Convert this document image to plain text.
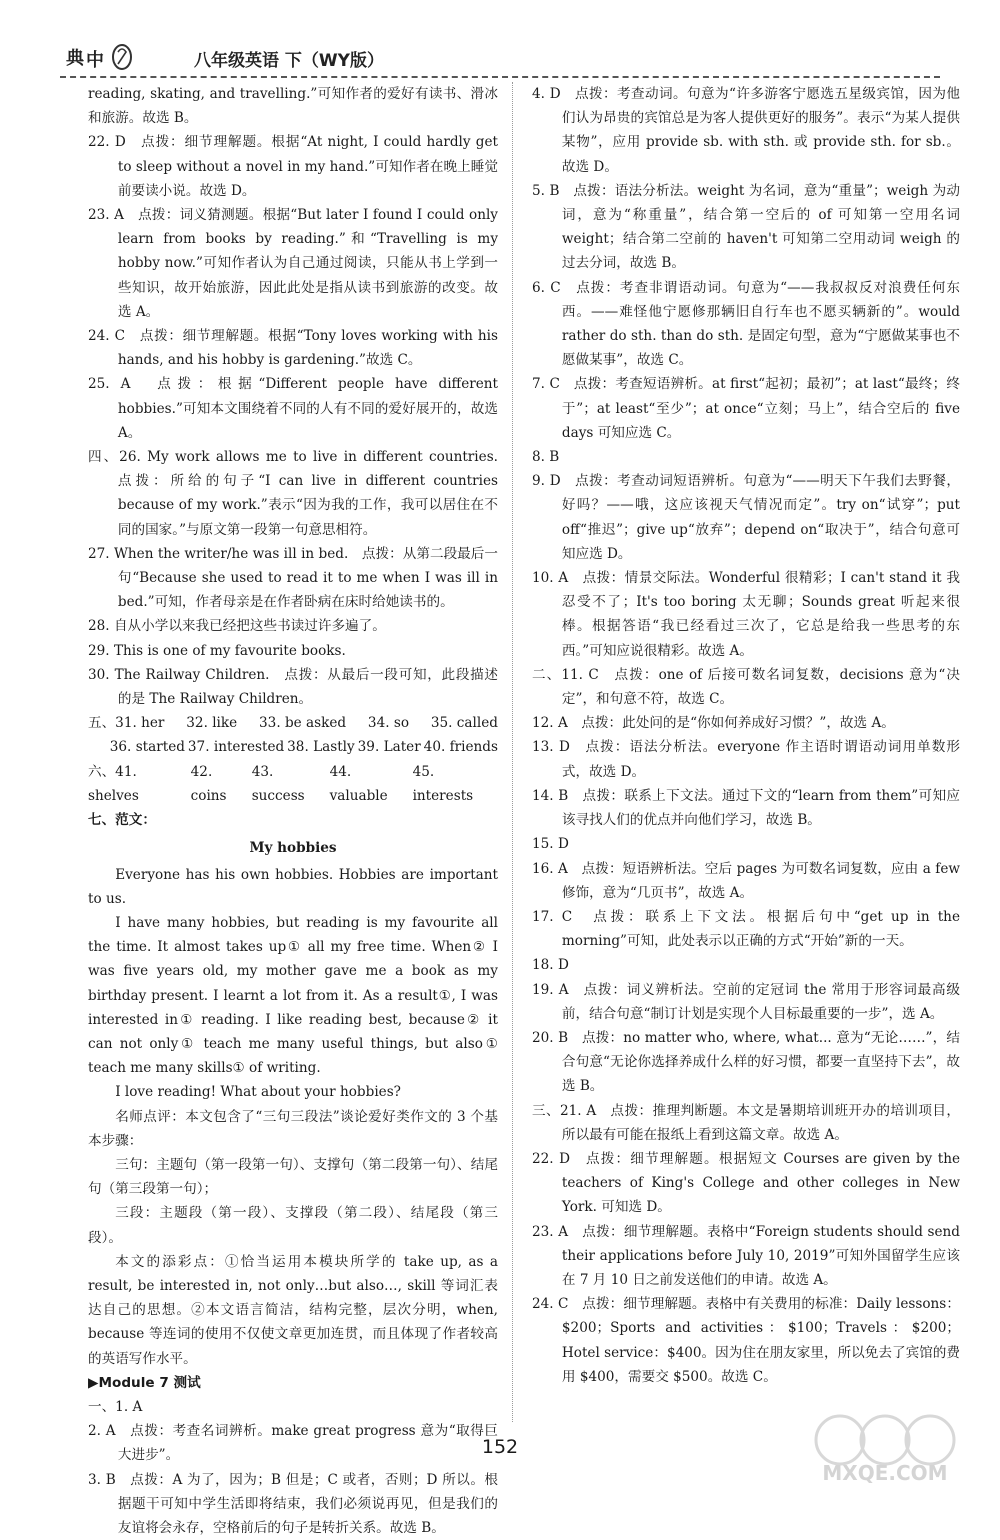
典 中	八年级英语 下（WY版）

reading, skating, and travelling.”可知作者的爱好有读书、滑冰和旅游。故选 B。

22. D　点拨：细节理解题。根据“At night, I could hardly get to sleep without a novel in my hand.”可知作者在晚上睡觉前要读小说。故选 D。

23. A　点拨：词义猜测题。根据“But later I found I could only learn from books by reading.”和“Travelling is my hobby now.”可知作者认为自己通过阅读，只能从书上学到一些知识，故开始旅游，因此此处是指从读书到旅游的改变。故选 A。

24. C　点拨：细节理解题。根据“Tony loves working with his hands, and his hobby is gardening.”故选 C。

25. A　点拨：根据“Different people have different hobbies.”可知本文围绕着不同的人有不同的爱好展开的，故选 A。

四、26. My work allows me to live in different countries.　点拨：所给的句子“I can live in different countries because of my work.”表示“因为我的工作，我可以居住在不同的国家。”与原文第一段第一句意思相符。

27. When the writer/he was ill in bed.　点拨：从第二段最后一句“Because she used to read it to me when I was ill in bed.”可知，作者母亲是在作者卧病在床时给她读书的。

28. 自从小学以来我已经把这些书读过许多遍了。

29. This is one of my favourite books.

30. The Railway Children.　点拨：从最后一段可知，此段描述的是 The Railway Children。

五、31. her 32. like 33. be asked 34. so 35. called
36. started 37. interested 38. Lastly 39. Later 40. friends
六、41. shelves
42. coins
43. success
44. valuable
45. interests

七、范文：

My hobbies

Everyone has his own hobbies. Hobbies are important to us.

I have many hobbies, but reading is my favourite all the time. It almost takes up① all my free time. When② I was five years old, my mother gave me a book as my birthday present. I learnt a lot from it. As a result①, I was interested in① reading. I like reading best, because② it can not only① teach me many useful things, but also① teach me many skills① of writing.

I love reading! What about your hobbies?

名师点评：本文包含了“三句三段法”谈论爱好类作文的 3 个基本步骤：

三句：主题句（第一段第一句）、支撑句（第二段第一句）、结尾句（第三段第一句）；

三段：主题段（第一段）、支撑段（第二段）、结尾段（第三段）。

本文的添彩点：①恰当运用本模块所学的 take up, as a result, be interested in, not only…but also…, skill 等词汇表达自己的思想。②本文语言简洁，结构完整，层次分明，when, because 等连词的使用不仅使文章更加连贯，而且体现了作者较高的英语写作水平。

▶Module 7 测试

一、1. A

2. A　点拨：考查名词辨析。make great progress 意为“取得巨大进步”。

3. B　点拨：A 为了，因为；B 但是；C 或者，否则；D 所以。根据题干可知中学生活即将结束，我们必须说再见，但是我们的友谊将会永存，空格前后的句子是转折关系。故选 B。

4. D　点拨：考查动词。句意为“许多游客宁愿选五星级宾馆，因为他们认为昂贵的宾馆总是为客人提供更好的服务”。表示“为某人提供某物”，应用 provide sb. with sth. 或 provide sth. for sb.。故选 D。

5. B　点拨：语法分析法。weight 为名词，意为“重量”；weigh 为动词，意为“称重量”，结合第一空后的 of 可知第一空用名词 weight；结合第二空前的 haven't 可知第二空用动词 weigh 的过去分词，故选 B。

6. C　点拨：考查非谓语动词。句意为“——我叔叔反对浪费任何东西。——难怪他宁愿修那辆旧自行车也不愿买辆新的”。would rather do sth. than do sth. 是固定句型，意为“宁愿做某事也不愿做某事”，故选 C。

7. C　点拨：考查短语辨析。at first“起初；最初”；at last“最终；终于”；at least“至少”；at once“立刻；马上”，结合空后的 five days 可知应选 C。

8. B

9. D　点拨：考查动词短语辨析。句意为“——明天下午我们去野餐，好吗？——哦，这应该视天气情况而定”。try on“试穿”；put off“推迟”；give up“放弃”；depend on“取决于”，结合句意可知应选 D。

10. A　点拨：情景交际法。Wonderful 很精彩；I can't stand it 我忍受不了；It's too boring 太无聊；Sounds great 听起来很棒。根据答语“我已经看过三次了，它总是给我一些思考的东西。”可知应说很精彩。故选 A。

二、11. C　点拨：one of 后接可数名词复数，decisions 意为“决定”，和句意不符，故选 C。

12. A　点拨：此处问的是“你如何养成好习惯？”，故选 A。

13. D　点拨：语法分析法。everyone 作主语时谓语动词用单数形式，故选 D。

14. B　点拨：联系上下文法。通过下文的“learn from them”可知应该寻找人们的优点并向他们学习，故选 B。

15. D

16. A　点拨：短语辨析法。空后 pages 为可数名词复数，应由 a few 修饰，意为“几页书”，故选 A。

17. C　点拨：联系上下文法。根据后句中“get up in the morning”可知，此处表示以正确的方式“开始”新的一天。

18. D

19. A　点拨：词义辨析法。空前的定冠词 the 常用于形容词最高级前，结合句意“制订计划是实现个人目标最重要的一步”，选 A。

20. B　点拨：no matter who, where, what... 意为“无论……”，结合句意“无论你选择养成什么样的好习惯，都要一直坚持下去”，故选 B。

三、21. A　点拨：推理判断题。本文是暑期培训班开办的培训项目，所以最有可能在报纸上看到这篇文章。故选 A。

22. D　点拨：细节理解题。根据短文 Courses are given by the teachers of King's College and other colleges in New York. 可知选 D。

23. A　点拨：细节理解题。表格中“Foreign students should send their applications before July 10, 2019”可知外国留学生应该在 7 月 10 日之前发送他们的申请。故选 A。

24. C　点拨：细节理解题。表格中有关费用的标准：Daily lessons：$200；Sports and activities：$100；Travels：$200；Hotel service：$400。因为住在朋友家里，所以免去了宾馆的费用 $400，需要交 $500。故选 C。

152
MXQE.COM
